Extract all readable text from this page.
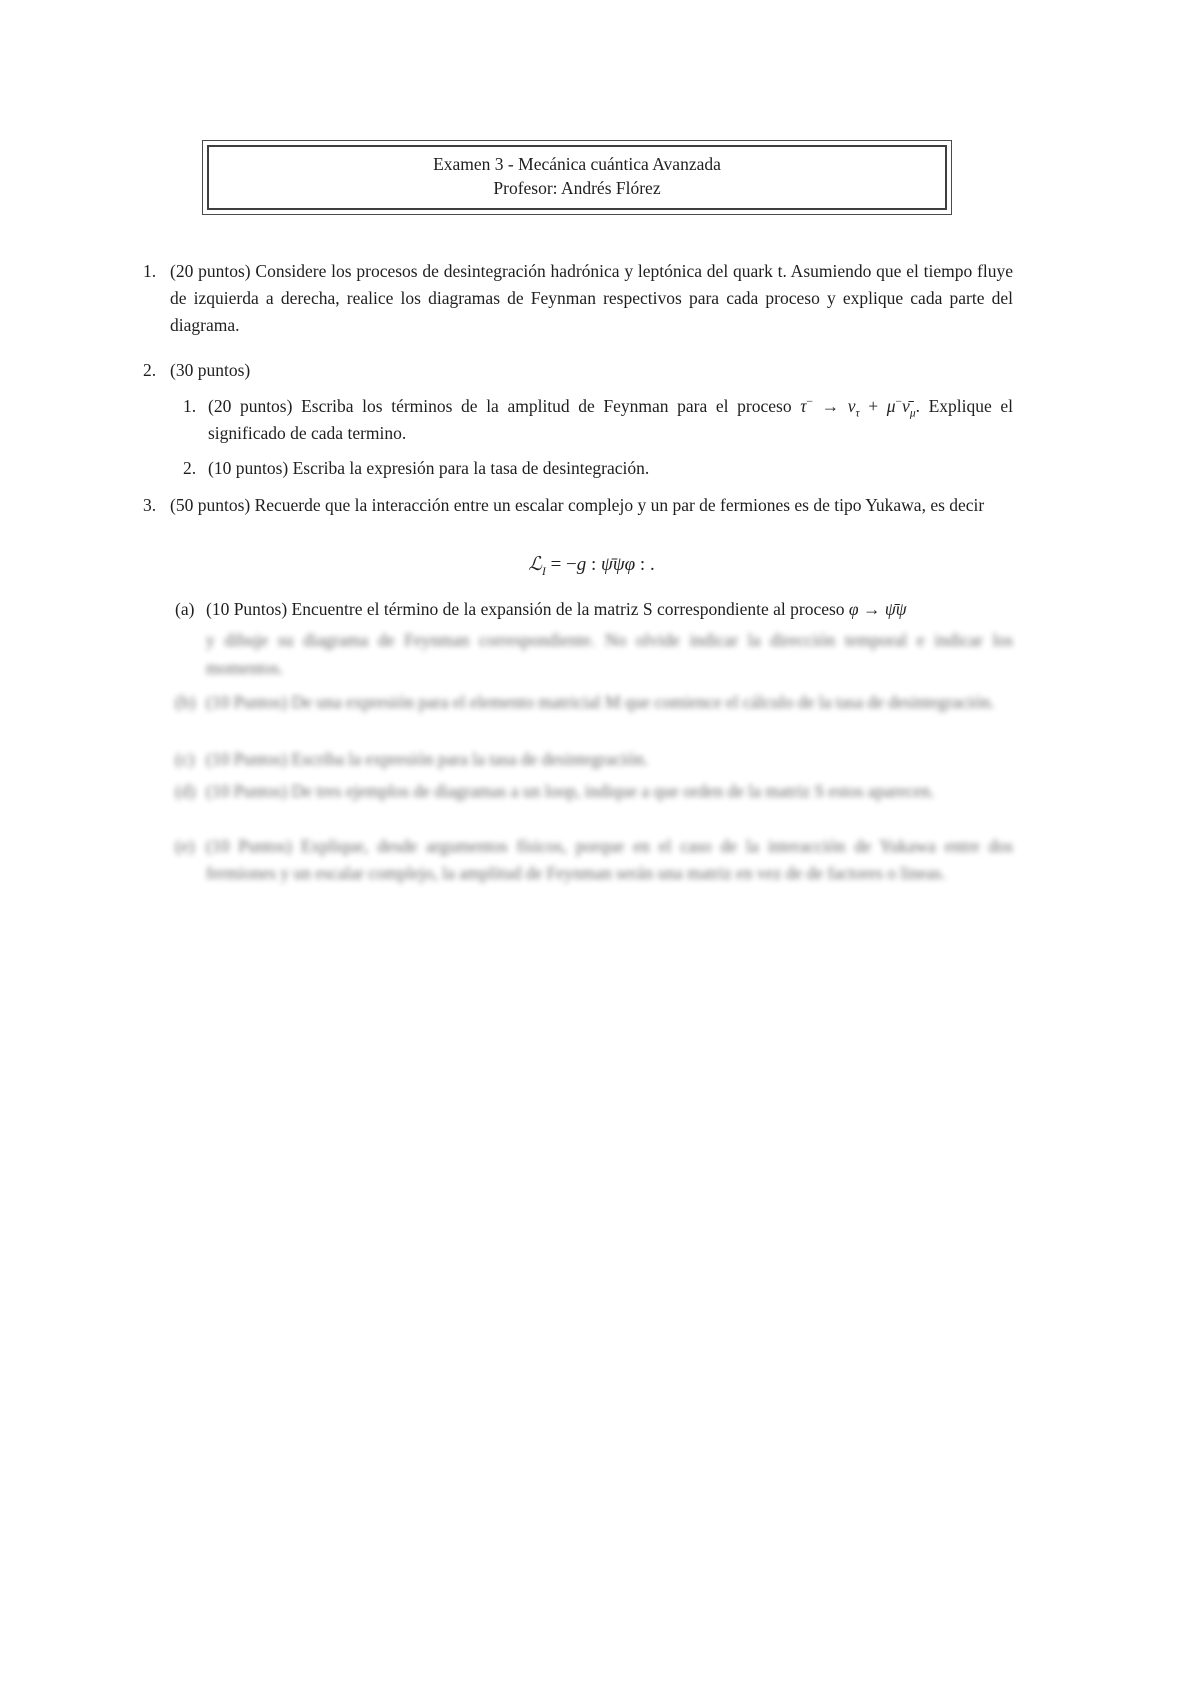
Examen 3 - Mecánica cuántica Avanzada
Profesor: Andrés Flórez
1. (20 puntos) Considere los procesos de desintegración hadrónica y leptónica del quark t. Asumiendo que el tiempo fluye de izquierda a derecha, realice los diagramas de Feynman respectivos para cada proceso y explique cada parte del diagrama.
2. (30 puntos)
1. (20 puntos) Escriba los términos de la amplitud de Feynman para el proceso $\tau^- \to \nu_\tau$ + $\mu^-\nū_\mu$. Explique el significado de cada termino.
2. (10 puntos) Escriba la expresión para la tasa de desintegración.
3. (50 puntos) Recuerde que la interacción entre un escalar complejo y un par de fermiones es de tipo Yukawa, es decir
ℒ$_I$ = −g : ψ̄ψφ : .
(a) (10 Puntos) Encuentre el término de la expansión de la matriz S correspondiente al proceso φ → ψ̄ψ
y dibuje su diagrama de Feynman correspondiente. No olvide indicar la dirección temporal e indicar los momentos.
(b) (10 Puntos) De una expresión para el elemento matricial M que comience el cálculo de la tasa de desintegración.
(c) (10 Puntos) Escriba la expresión para la tasa de desintegración.
(d) (10 Puntos) De tres ejemplos de diagramas a un loop, indique a que orden de la matriz S estos aparecen.
(e) (10 Puntos) Explique, desde argumentos físicos, porque en el caso de la interacción de Yukawa entre dos fermiones y un escalar complejo, la amplitud de Feynman serán una matriz en vez de de factores o lineas.
